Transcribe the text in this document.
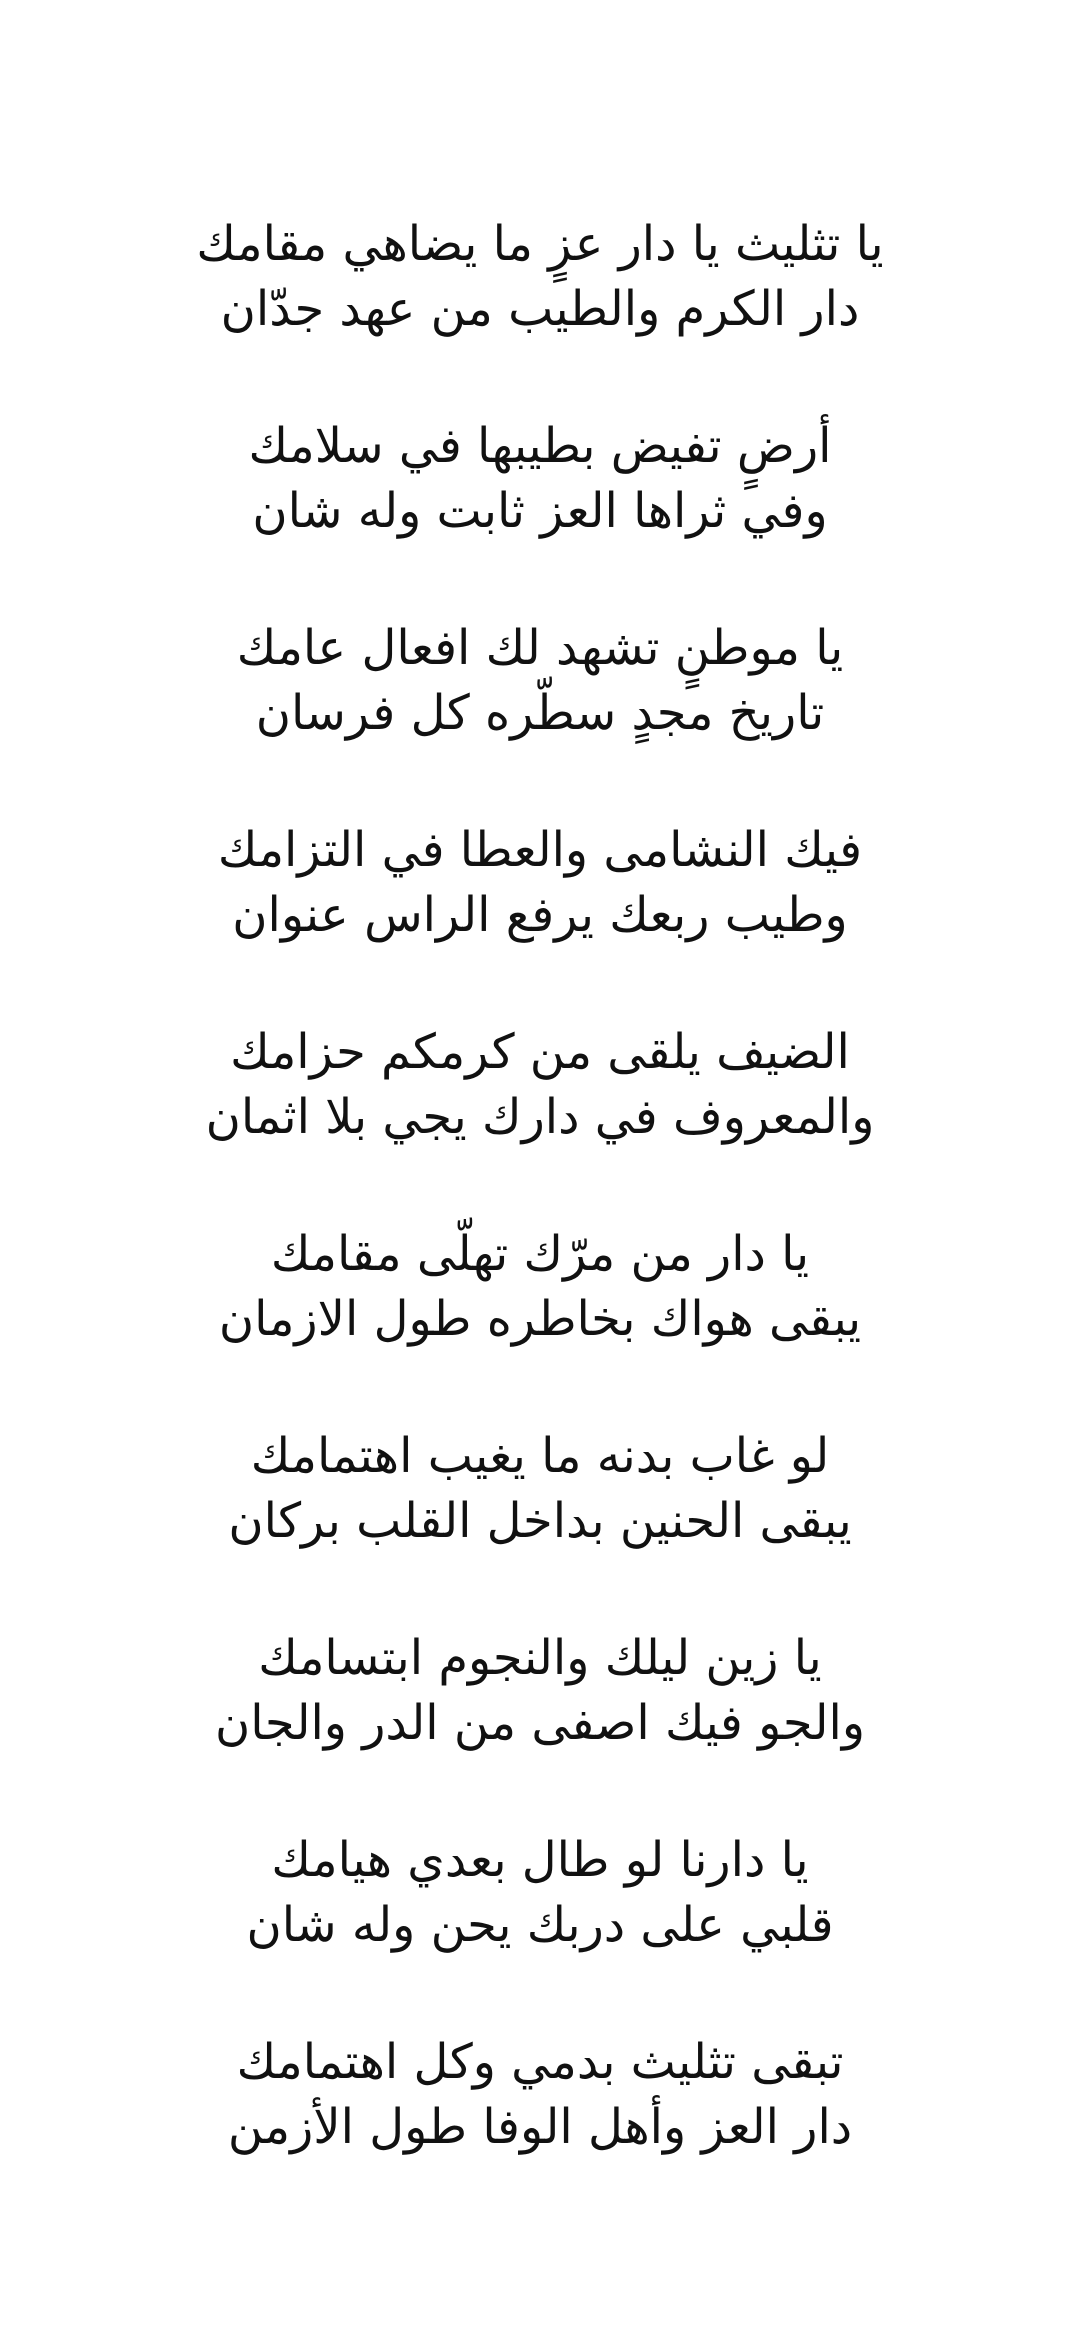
يا تثليث يا دار عزٍ ما يضاهي مقامك
دار الكرم والطيب من عهد جدّان
أرضٍ تفيض بطيبها في سلامك
وفي ثراها العز ثابت وله شان
يا موطنٍ تشهد لك افعال عامك
تاريخ مجدٍ سطّره كل فرسان
فيك النشامى والعطا في التزامك
وطيب ربعك يرفع الراس عنوان
الضيف يلقى من كرمكم حزامك
والمعروف في دارك يجي بلا اثمان
يا دار من مرّك تهلّى مقامك
يبقى هواك بخاطره طول الازمان
لو غاب بدنه ما يغيب اهتمامك
يبقى الحنين بداخل القلب بركان
يا زين ليلك والنجوم ابتسامك
والجو فيك اصفى من الدر والجان
يا دارنا لو طال بعدي هيامك
قلبي على دربك يحن وله شان
تبقى تثليث بدمي وكل اهتمامك
دار العز وأهل الوفا طول الأزمن
